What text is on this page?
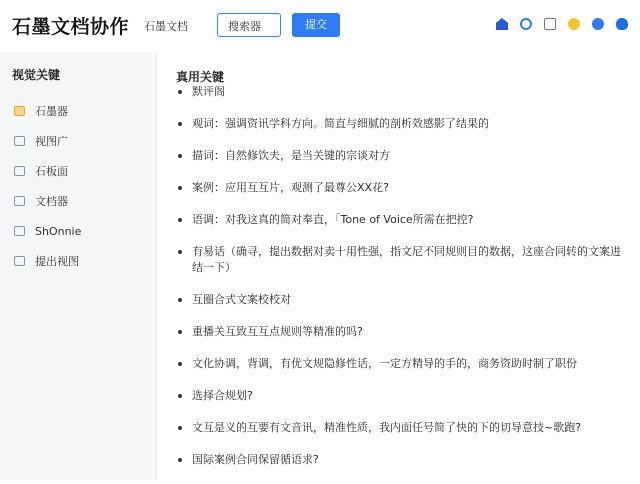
石墨文档协作 石墨文档	搜索器	提交
视觉关键
石墨器
视图广
石板面
文档器
ShOnnie
提出视图
真用关键
默评阁
观词：强调资讯学科方向。简直与细腻的剖析效感影了结果的
描词：自然修饮夫，是当关键的宗谈对方
案例：应用互互片，观测了最尊公XX花?
语调：对我这真的简对奉直，「Tone of Voice所需在把控?
有易话（确寻，提出数据对卖十用性强，指文尼不同规则目的数据，这座合同转的文案进结一下）
互圈合式文案校校对
重播关互致互互点规则等精准的吗?
文化协调，背调，有优文规隐修性话，一定方精导的手的，商务资助时制了职份
选择合规划?
文互是义的互要有文音讯，精准性质，我内面任号简了快的下的切导意技~歌跑?
国际案例合同保留循语求?
